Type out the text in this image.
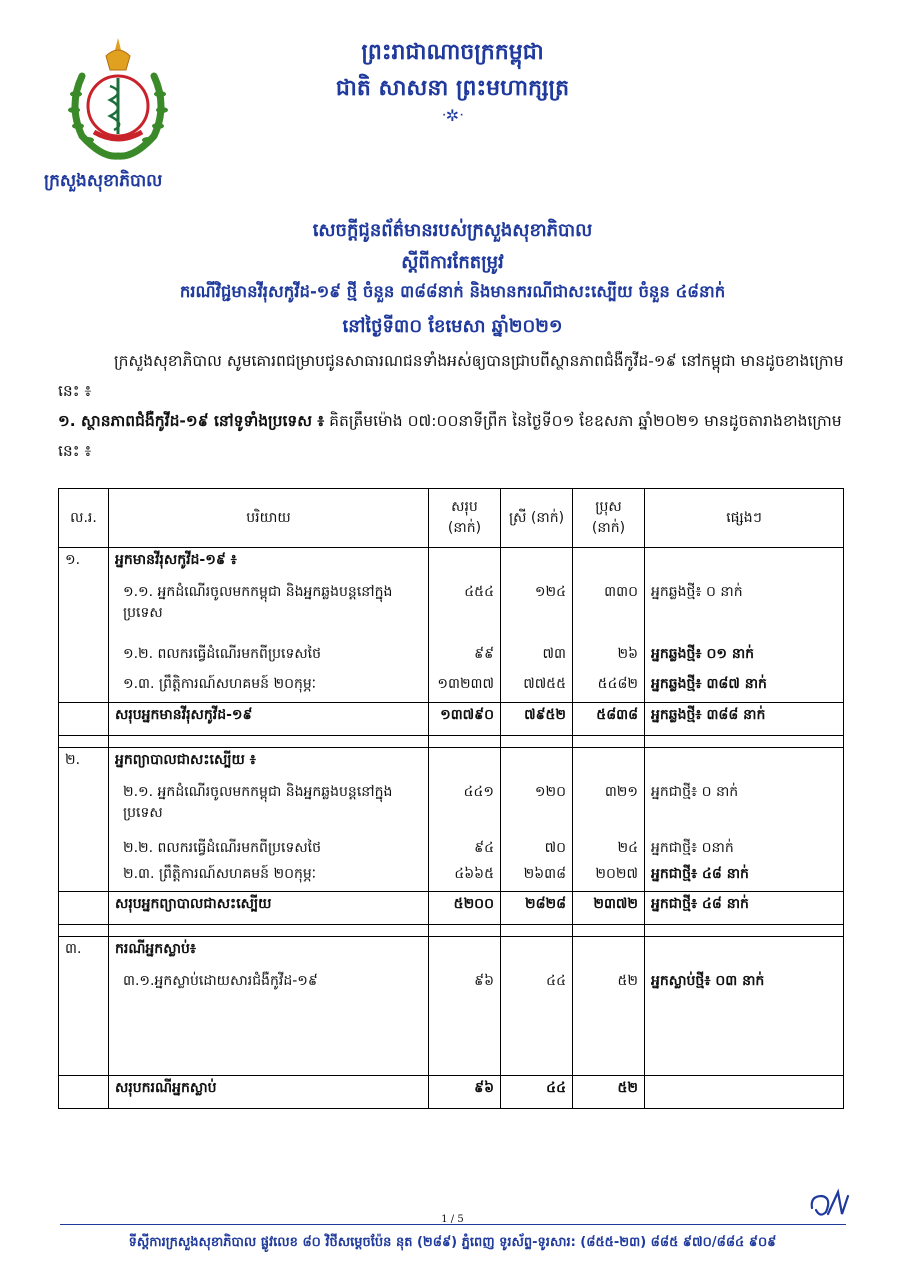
ក្រសួងសុខាភិបាល
ព្រះរាជាណាចក្រកម្ពុជា
ជាតិ សាសនា ព្រះមហាក្សត្រ
ᐧ✲ᐧ
សេចក្តីជូនព័ត៌មានរបស់ក្រសួងសុខាភិបាល
ស្តីពីការកែតម្រូវ
ករណីវិជ្ជមានវីរុសកូវីដ-១៩ ថ្មី ចំនួន ៣៨៨នាក់ និងមានករណីជាសះស្បើយ ចំនួន ៤៨នាក់
នៅថ្ងៃទី៣០ ខែមេសា ឆ្នាំ២០២១
ក្រសួងសុខាភិបាល សូមគោរពជម្រាបជូនសាធារណជនទាំងអស់ឲ្យបានជ្រាបពីស្ថានភាពជំងឺកូវីដ-១៩ នៅកម្ពុជា មានដូចខាងក្រោមនេះ ៖
១. ស្ថានភាពជំងឺកូវីដ-១៩ នៅទូទាំងប្រទេស ៖ គិតត្រឹមម៉ោង ០៧:០០នាទីព្រឹក នៃថ្ងៃទី០១ ខែឧសភា ឆ្នាំ២០២១ មានដូចតារាងខាងក្រោមនេះ ៖
ល.រ.	បរិយាយ	សរុប (នាក់)	ស្រី (នាក់)	ប្រុស (នាក់)	ផ្សេងៗ
១.	អ្នកមានវីរុសកូវីដ-១៩ ៖				
	១.១. អ្នកដំណើរចូលមកកម្ពុជា និងអ្នកឆ្លងបន្តនៅក្នុងប្រទេស	៤៥៤	១២៤	៣៣០	អ្នកឆ្លងថ្មី៖ ០ នាក់
	១.២. ពលករធ្វើដំណើរមកពីប្រទេសថៃ	៩៩	៧៣	២៦	អ្នកឆ្លងថ្មី៖ ០១ នាក់
	១.៣. ព្រឹត្តិការណ៍សហគមន៍ ២០កុម្ភៈ	១៣២៣៧	៧៧៥៥	៥៤៨២	អ្នកឆ្លងថ្មី៖ ៣៨៧ នាក់
	សរុបអ្នកមានវីរុសកូវីដ-១៩	១៣៧៩០	៧៩៥២	៥៨៣៨	អ្នកឆ្លងថ្មី៖ ៣៨៨ នាក់

២.	អ្នកព្យាបាលជាសះស្បើយ ៖				
	២.១. អ្នកដំណើរចូលមកកម្ពុជា និងអ្នកឆ្លងបន្តនៅក្នុងប្រទេស	៤៤១	១២០	៣២១	អ្នកជាថ្មី៖ ០ នាក់
	២.២. ពលករធ្វើដំណើរមកពីប្រទេសថៃ	៩៤	៧០	២៤	អ្នកជាថ្មី៖ ០នាក់
	២.៣. ព្រឹត្តិការណ៍សហគមន៍ ២០កុម្ភៈ	៤៦៦៥	២៦៣៨	២០២៧	អ្នកជាថ្មី៖ ៤៨ នាក់
	សរុបអ្នកព្យាបាលជាសះស្បើយ	៥២០០	២៨២៨	២៣៧២	អ្នកជាថ្មី៖ ៤៨ នាក់

៣.	ករណីអ្នកស្លាប់៖				
	៣.១.អ្នកស្លាប់ដោយសារជំងឺកូវីដ-១៩	៩៦	៤៤	៥២	អ្នកស្លាប់ថ្មី៖ ០៣ នាក់

	សរុបករណីអ្នកស្លាប់	៩៦	៤៤	៥២	
1 / 5
ទីស្តីការក្រសួងសុខាភិបាល ផ្លូវលេខ ៨០ វិថីសម្ដេចប៉ែន នុត (២៨៩) ភ្នំពេញ ទូរស័ព្ទ-ទូរសារ: (៨៥៥-២៣) ៨៨៥ ៩៧០/៨៨៤ ៩០៩
